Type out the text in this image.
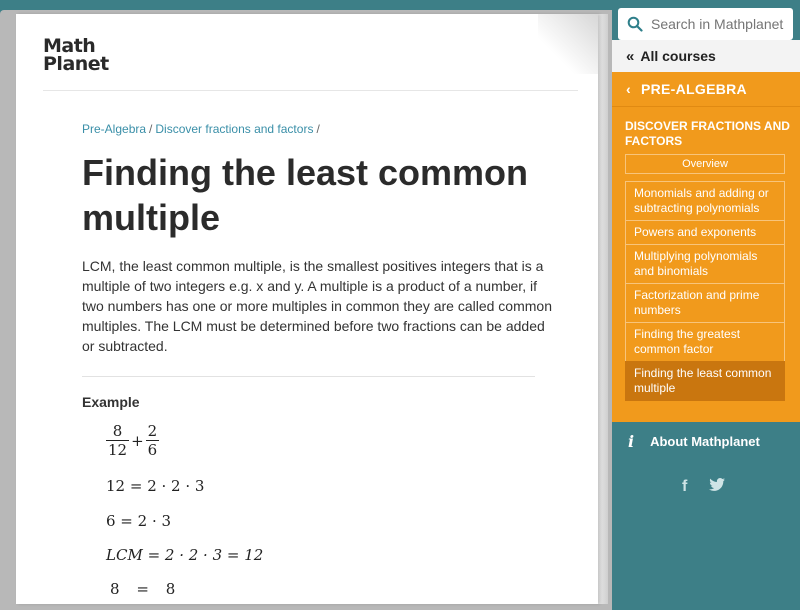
Math
Planet
Pre-Algebra / Discover fractions and factors /
Finding the least common multiple

LCM, the least common multiple, is the smallest positives integers that is a multiple of two integers e.g. x and y. A multiple is a product of a number, if two numbers has one or more multiples in common they are called common multiples. The LCM must be determined before two fractions can be added or subtracted.

Example
$\frac{8}{12} + \frac{2}{6}$
12 = 2 · 2 · 3
6 = 2 · 3
LCM = 2 · 2 · 3 = 12
8 = 8
Search in Mathplanet
« All courses
‹ PRE-ALGEBRA
DISCOVER FRACTIONS AND FACTORS
Overview
Monomials and adding or subtracting polynomials
Powers and exponents
Multiplying polynomials and binomials
Factorization and prime numbers
Finding the greatest common factor
Finding the least common multiple
i About Mathplanet
f
